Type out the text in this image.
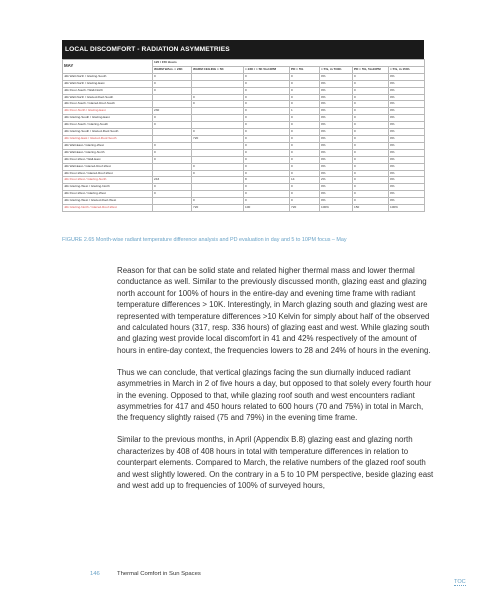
LOCAL DISCOMFORT - RADIATION ASYMMETRIES
MAY	120 / 150 Hours						
	WARM WALL > 23K	WARM CEILING > 5K	> 23K / > 5K 5to10PM	PD > 5%	> 5%, in 7/30h	PD > 5%, 5to10PM	> 5%, in 150h
Jdk Wall-North / Glazing-South	0		0	0	0%	0	0%
Jdk Wall-North / Glazing-East	0		0	0	0%	0	0%
Jdk Floor-South / Wall-North	0		0	0	0%	0	0%
Jdk Wall-North / Glazed-Roof-South		0	0	0	0%	0	0%
Jdk Floor-South / Glazed-Roof-South		0	0	0	0%	0	0%
Jdk Floor-North / Glazing-East	230		0	1	0%	0	0%
Jdk Glazing-South / Glazing-East	0		0	0	0%	0	0%
Jdk Floor-South / Glazing-South	0		0	0	0%	0	0%
Jdk Glazing-South / Glazed-Roof-South		0	0	0	0%	0	0%
Jdk Glazing-East / Glazed-Roof-South		720	0	0	0%	0	0%
Jdk Wall-East / Glazing-West	0		0	0	0%	0	0%
Jdk Wall-East / Glazing-North	0		0	0	0%	0	0%
Jdk Floor-West / Wall-East	0		0	0	0%	0	0%
Jdk Wall-East / Glazed-Roof-West		0	0	0	0%	0	0%
Jdk Floor-West / Glazed-Roof-West		0	0	0	0%	0	0%
Jdk Floor-West / Glazing-North	243		8	14	2%	0	0%
Jdk Glazing-West / Glazing-North	0		0	0	0%	0	0%
Jdk Floor-West / Glazing-West	0		0	0	0%	0	0%
Jdk Glazing-West / Glazed-Roof-West		0	0	0	0%	0	0%
Jdk Glazing-North / Glazed-Roof-West		720	100	720	100%	150	100%
FIGURE 2.65 Month-wise radiant temperature difference analysis and PD evaluation in day and 5 to 10PM focus – May

Reason for that can be solid state and related higher thermal mass and lower thermal conductance as well. Similar to the previously discussed month, glazing east and glazing north account for 100% of hours in the entire-day and evening time frame with radiant temperature differences > 10K. Interestingly, in March glazing south and glazing west are represented with temperature differences >10 Kelvin for simply about half of the observed and calculated hours (317, resp. 336 hours) of glazing east and west. While glazing south and glazing west provide local discomfort in 41 and 42% respectively of the amount of hours in entire-day context, the frequencies lowers to 28 and 24% of hours in the evening.

Thus we can conclude, that vertical glazings facing the sun diurnally induced radiant asymmetries in March in 2 of five hours a day, but opposed to that solely every fourth hour in the evening. Opposed to that, while glazing roof south and west encounters radiant asymmetries for 417 and 450 hours related to 600 hours (70 and 75%) in total in March, the frequency slightly raised (75 and 79%) in the evening time frame.

Similar to the previous months, in April (Appendix B.8) glazing east and glazing north characterizes by 408 of 408 hours in total with temperature differences in relation to counterpart elements. Compared to March, the relative numbers of the glazed roof south and west slightly lowered. On the contrary in a 5 to 10 PM perspective, beside glazing east and west add up to frequencies of 100% of surveyed hours,

146	Thermal Comfort in Sun Spaces
TOC
